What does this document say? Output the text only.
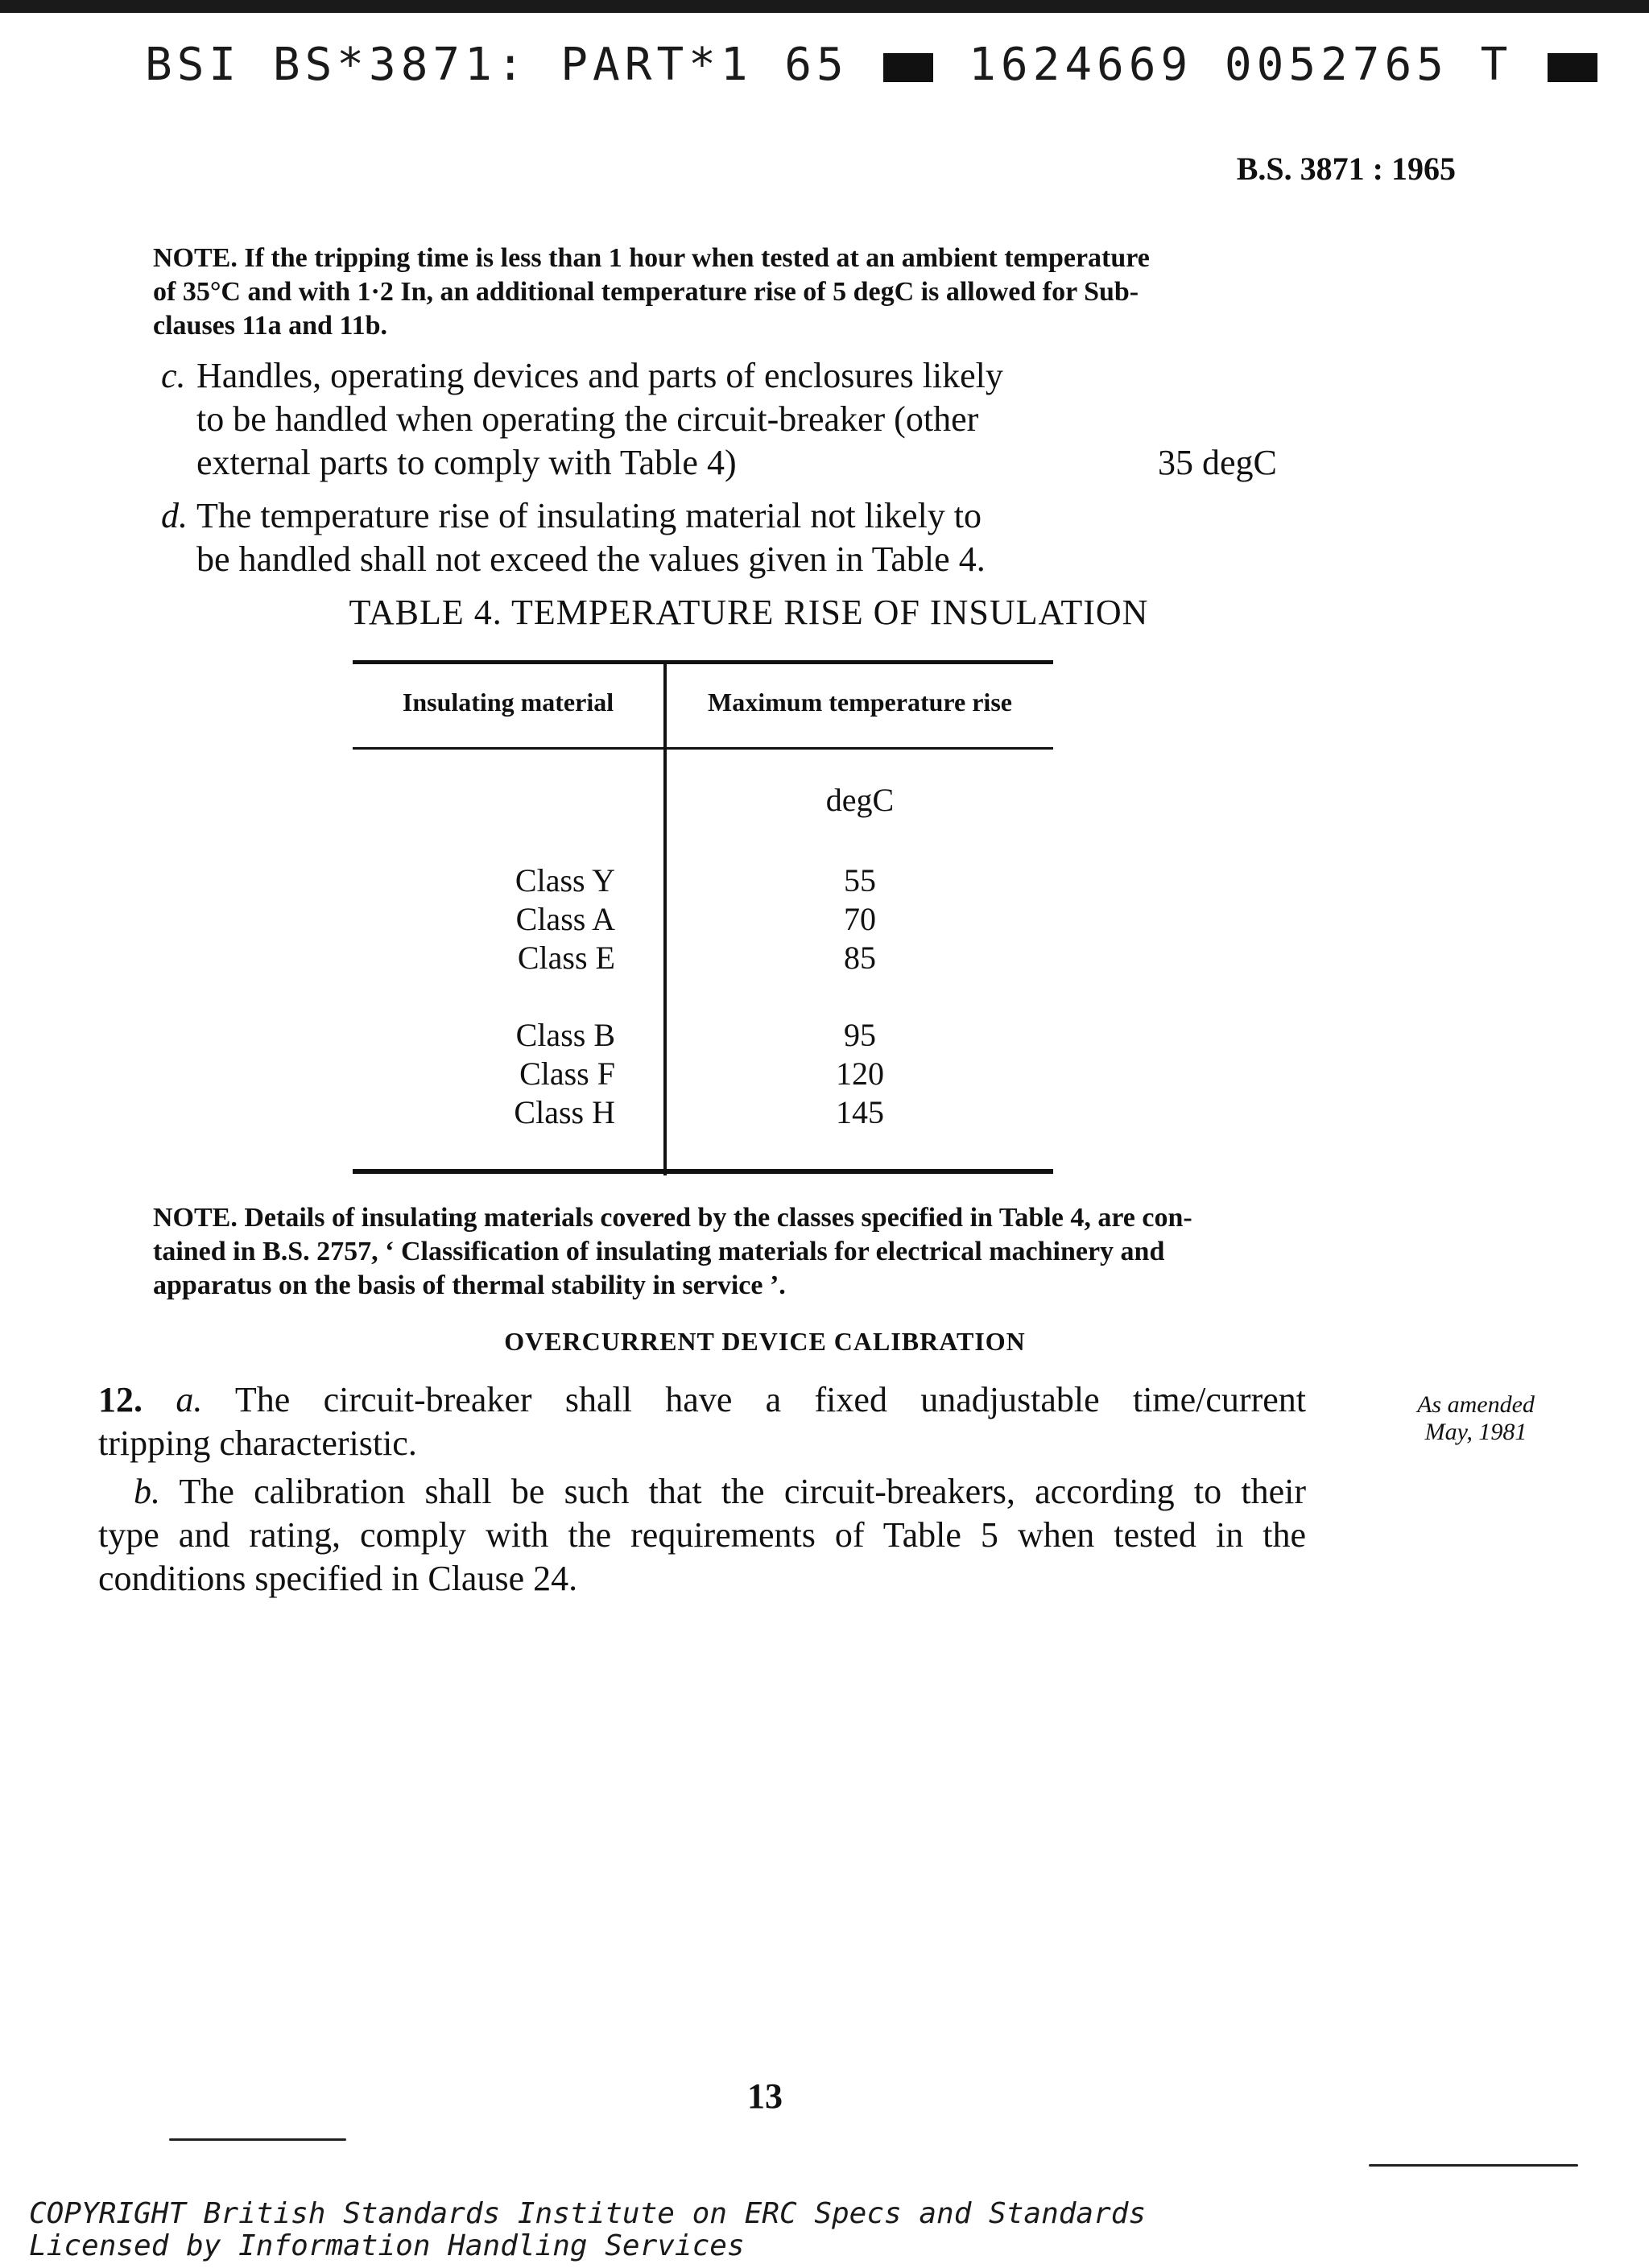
BSI BS*3871: PART*1 65	1624669 0052765 T
B.S. 3871 : 1965
NOTE. If the tripping time is less than 1 hour when tested at an ambient temperature
of 35°C and with 1·2 In, an additional temperature rise of 5 degC is allowed for Sub-
clauses 11a and 11b.
c. Handles, operating devices and parts of enclosures likely
to be handled when operating the circuit-breaker (other
external parts to comply with Table 4)	35 degC
d. The temperature rise of insulating material not likely to
be handled shall not exceed the values given in Table 4.
TABLE 4. TEMPERATURE RISE OF INSULATION
Insulating material	Maximum temperature rise
degC
Class Y	55
Class A	70
Class E	85
Class B	95
Class F	120
Class H	145
NOTE. Details of insulating materials covered by the classes specified in Table 4, are con-
tained in B.S. 2757, ‘ Classification of insulating materials for electrical machinery and
apparatus on the basis of thermal stability in service ’.
OVERCURRENT DEVICE CALIBRATION
12. a. The circuit-breaker shall have a fixed unadjustable time/current
tripping characteristic.
b. The calibration shall be such that the circuit-breakers, according to their
type and rating, comply with the requirements of Table 5 when tested in the
conditions specified in Clause 24.
As amended
May, 1981
13
COPYRIGHT British Standards Institute on ERC Specs and Standards
Licensed by Information Handling Services
